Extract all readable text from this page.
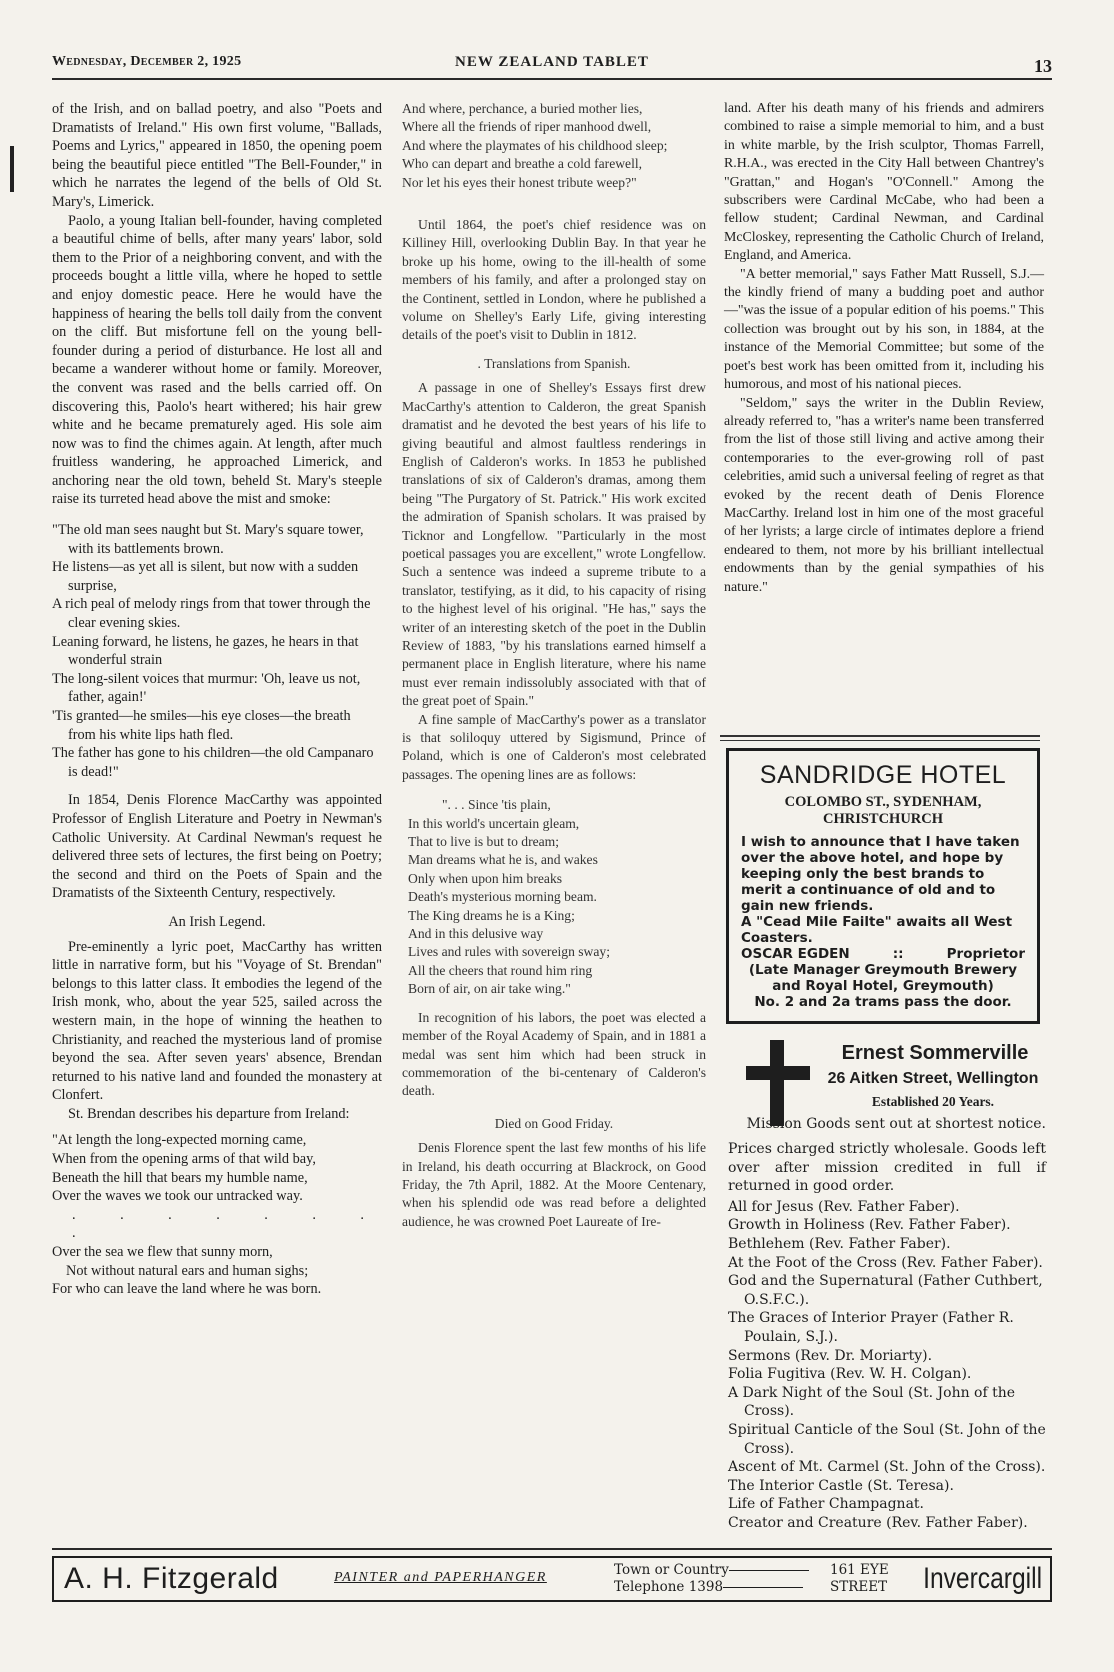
Wednesday, December 2, 1925	NEW ZEALAND TABLET	13

of the Irish, and on ballad poetry, and also "Poets and Dramatists of Ireland." His own first volume, "Ballads, Poems and Lyrics," appeared in 1850, the opening poem being the beautiful piece entitled "The Bell-Founder," in which he narrates the legend of the bells of Old St. Mary's, Limerick.

Paolo, a young Italian bell-founder, having completed a beautiful chime of bells, after many years' labor, sold them to the Prior of a neighboring convent, and with the proceeds bought a little villa, where he hoped to settle and enjoy domestic peace. Here he would have the happiness of hearing the bells toll daily from the convent on the cliff. But misfortune fell on the young bell-founder during a period of disturbance. He lost all and became a wanderer without home or family. Moreover, the convent was rased and the bells carried off. On discovering this, Paolo's heart withered; his hair grew white and he became prematurely aged. His sole aim now was to find the chimes again. At length, after much fruitless wandering, he approached Limerick, and anchoring near the old town, beheld St. Mary's steeple raise its turreted head above the mist and smoke:

"The old man sees naught but St. Mary's square tower, with its battlements brown.
He listens—as yet all is silent, but now with a sudden surprise,
A rich peal of melody rings from that tower through the clear evening skies.
Leaning forward, he listens, he gazes, he hears in that wonderful strain
The long-silent voices that murmur: 'Oh, leave us not, father, again!'
'Tis granted—he smiles—his eye closes—the breath from his white lips hath fled.
The father has gone to his children—the old Campanaro is dead!"

In 1854, Denis Florence MacCarthy was appointed Professor of English Literature and Poetry in Newman's Catholic University. At Cardinal Newman's request he delivered three sets of lectures, the first being on Poetry; the second and third on the Poets of Spain and the Dramatists of the Sixteenth Century, respectively.

An Irish Legend.

Pre-eminently a lyric poet, MacCarthy has written little in narrative form, but his "Voyage of St. Brendan" belongs to this latter class. It embodies the legend of the Irish monk, who, about the year 525, sailed across the western main, in the hope of winning the heathen to Christianity, and reached the mysterious land of promise beyond the sea. After seven years' absence, Brendan returned to his native land and founded the monastery at Clonfert.

St. Brendan describes his departure from Ireland:

"At length the long-expected morning came,
When from the opening arms of that wild bay,
Beneath the hill that bears my humble name,
Over the waves we took our untracked way.
. . . . . . . .
Over the sea we flew that sunny morn,
Not without natural ears and human sighs;
For who can leave the land where he was born.
And where, perchance, a buried mother lies,
Where all the friends of riper manhood dwell,
And where the playmates of his childhood sleep;
Who can depart and breathe a cold farewell,
Nor let his eyes their honest tribute weep?"

Until 1864, the poet's chief residence was on Killiney Hill, overlooking Dublin Bay. In that year he broke up his home, owing to the ill-health of some members of his family, and after a prolonged stay on the Continent, settled in London, where he published a volume on Shelley's Early Life, giving interesting details of the poet's visit to Dublin in 1812.

. Translations from Spanish.

A passage in one of Shelley's Essays first drew MacCarthy's attention to Calderon, the great Spanish dramatist and he devoted the best years of his life to giving beautiful and almost faultless renderings in English of Calderon's works. In 1853 he published translations of six of Calderon's dramas, among them being "The Purgatory of St. Patrick." His work excited the admiration of Spanish scholars. It was praised by Ticknor and Longfellow. "Particularly in the most poetical passages you are excellent," wrote Longfellow. Such a sentence was indeed a supreme tribute to a translator, testifying, as it did, to his capacity of rising to the highest level of his original. "He has," says the writer of an interesting sketch of the poet in the Dublin Review of 1883, "by his translations earned himself a permanent place in English literature, where his name must ever remain indissolubly associated with that of the great poet of Spain."

A fine sample of MacCarthy's power as a translator is that soliloquy uttered by Sigismund, Prince of Poland, which is one of Calderon's most celebrated passages. The opening lines are as follows:

". . . Since 'tis plain,
In this world's uncertain gleam,
That to live is but to dream;
Man dreams what he is, and wakes
Only when upon him breaks
Death's mysterious morning beam.
The King dreams he is a King;
And in this delusive way
Lives and rules with sovereign sway;
All the cheers that round him ring
Born of air, on air take wing."

In recognition of his labors, the poet was elected a member of the Royal Academy of Spain, and in 1881 a medal was sent him which had been struck in commemoration of the bi-centenary of Calderon's death.

Died on Good Friday.

Denis Florence spent the last few months of his life in Ireland, his death occurring at Blackrock, on Good Friday, the 7th April, 1882. At the Moore Centenary, when his splendid ode was read before a delighted audience, he was crowned Poet Laureate of Ire-

land. After his death many of his friends and admirers combined to raise a simple memorial to him, and a bust in white marble, by the Irish sculptor, Thomas Farrell, R.H.A., was erected in the City Hall between Chantrey's "Grattan," and Hogan's "O'Connell." Among the subscribers were Cardinal McCabe, who had been a fellow student; Cardinal Newman, and Cardinal McCloskey, representing the Catholic Church of Ireland, England, and America.

"A better memorial," says Father Matt Russell, S.J.—the kindly friend of many a budding poet and author—"was the issue of a popular edition of his poems." This collection was brought out by his son, in 1884, at the instance of the Memorial Committee; but some of the poet's best work has been omitted from it, including his humorous, and most of his national pieces.

"Seldom," says the writer in the Dublin Review, already referred to, "has a writer's name been transferred from the list of those still living and active among their contemporaries to the ever-growing roll of past celebrities, amid such a universal feeling of regret as that evoked by the recent death of Denis Florence MacCarthy. Ireland lost in him one of the most graceful of her lyrists; a large circle of intimates deplore a friend endeared to them, not more by his brilliant intellectual endowments than by the genial sympathies of his nature."

SANDRIDGE HOTEL
COLOMBO ST., SYDENHAM,
CHRISTCHURCH
I wish to announce that I have taken over the above hotel, and hope by keeping only the best brands to merit a continuance of old and to gain new friends.
A "Cead Mile Failte" awaits all West Coasters.
OSCAR EGDEN	::	Proprietor
(Late Manager Greymouth Brewery and Royal Hotel, Greymouth)
No. 2 and 2a trams pass the door.
Ernest Sommerville
26 Aitken Street, Wellington
Established 20 Years.
Mission Goods sent out at shortest notice.
Prices charged strictly wholesale. Goods left over after mission credited in full if returned in good order.
All for Jesus (Rev. Father Faber).
Growth in Holiness (Rev. Father Faber).
Bethlehem (Rev. Father Faber).
At the Foot of the Cross (Rev. Father Faber).
God and the Supernatural (Father Cuthbert, O.S.F.C.).
The Graces of Interior Prayer (Father R. Poulain, S.J.).
Sermons (Rev. Dr. Moriarty).
Folia Fugitiva (Rev. W. H. Colgan).
A Dark Night of the Soul (St. John of the Cross).
Spiritual Canticle of the Soul (St. John of the Cross).
Ascent of Mt. Carmel (St. John of the Cross).
The Interior Castle (St. Teresa).
Life of Father Champagnat.
Creator and Creature (Rev. Father Faber).
A. H. Fitzgerald	PAINTER and PAPERHANGER	Town or Country
Telephone 1398
161 EYE
STREET Invercargill
